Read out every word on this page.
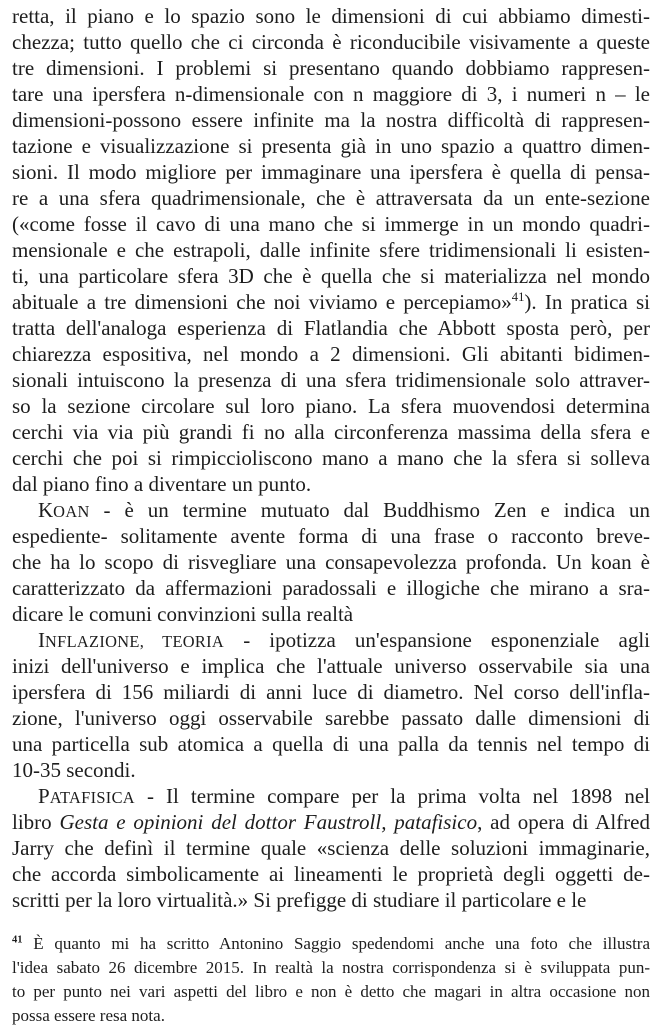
retta, il piano e lo spazio sono le dimensioni di cui abbiamo dimesti-
chezza; tutto quello che ci circonda è riconducibile visivamente a queste
tre dimensioni. I problemi si presentano quando dobbiamo rappresen-
tare una ipersfera n-dimensionale con n maggiore di 3, i numeri n – le
dimensioni-possono essere infinite ma la nostra difficoltà di rappresen-
tazione e visualizzazione si presenta già in uno spazio a quattro dimen-
sioni. Il modo migliore per immaginare una ipersfera è quella di pensa-
re a una sfera quadrimensionale, che è attraversata da un ente-sezione
(«come fosse il cavo di una mano che si immerge in un mondo quadri-
mensionale e che estrapoli, dalle infinite sfere tridimensionali li esisten-
ti, una particolare sfera 3D che è quella che si materializza nel mondo
abituale a tre dimensioni che noi viviamo e percepiamo»$^{41}$). In pratica si
tratta dell'analoga esperienza di Flatlandia che Abbott sposta però, per
chiarezza espositiva, nel mondo a 2 dimensioni. Gli abitanti bidimen-
sionali intuiscono la presenza di una sfera tridimensionale solo attraver-
so la sezione circolare sul loro piano. La sfera muovendosi determina
cerchi via via più grandi fi no alla circonferenza massima della sfera e
cerchi che poi si rimpiccioliscono mano a mano che la sfera si solleva
dal piano fino a diventare un punto.
KOAN - è un termine mutuato dal Buddhismo Zen e indica un
espediente- solitamente avente forma di una frase o racconto breve-
che ha lo scopo di risvegliare una consapevolezza profonda. Un koan è
caratterizzato da affermazioni paradossali e illogiche che mirano a sra-
dicare le comuni convinzioni sulla realtà
INFLAZIONE, TEORIA - ipotizza un'espansione esponenziale agli
inizi dell'universo e implica che l'attuale universo osservabile sia una
ipersfera di 156 miliardi di anni luce di diametro. Nel corso dell'infla-
zione, l'universo oggi osservabile sarebbe passato dalle dimensioni di
una particella sub atomica a quella di una palla da tennis nel tempo di
10-35 secondi.
PATAFISICA - Il termine compare per la prima volta nel 1898 nel
libro Gesta e opinioni del dottor Faustroll, patafisico, ad opera di Alfred
Jarry che definì il termine quale «scienza delle soluzioni immaginarie,
che accorda simbolicamente ai lineamenti le proprietà degli oggetti de-
scritti per la loro virtualità.» Si prefigge di studiare il particolare e le
$^{41}$ È quanto mi ha scritto Antonino Saggio spedendomi anche una foto che illustra
l'idea sabato 26 dicembre 2015. In realtà la nostra corrispondenza si è sviluppata pun-
to per punto nei vari aspetti del libro e non è detto che magari in altra occasione non
possa essere resa nota.
